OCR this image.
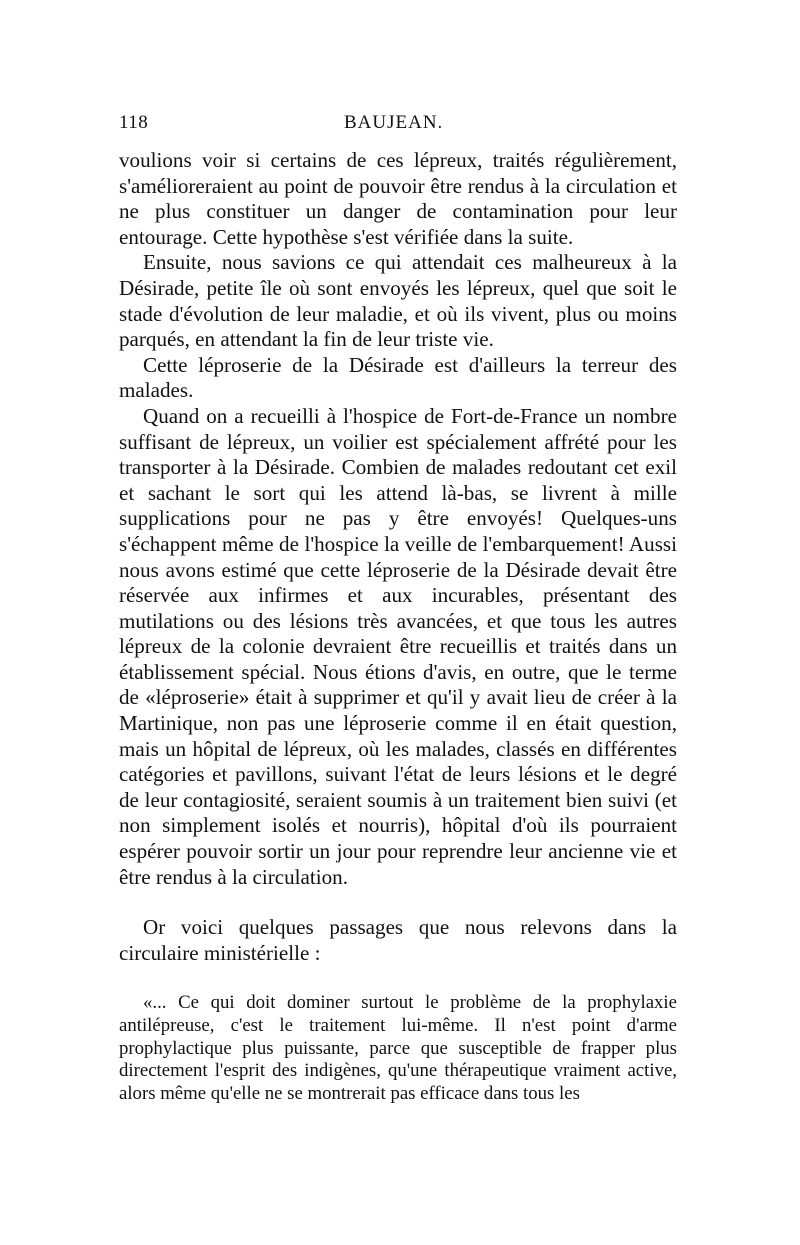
118	BAUJEAN.

voulions voir si certains de ces lépreux, traités régulièrement, s'amélioreraient au point de pouvoir être rendus à la circulation et ne plus constituer un danger de contamination pour leur entourage. Cette hypothèse s'est vérifiée dans la suite.

Ensuite, nous savions ce qui attendait ces malheureux à la Désirade, petite île où sont envoyés les lépreux, quel que soit le stade d'évolution de leur maladie, et où ils vivent, plus ou moins parqués, en attendant la fin de leur triste vie.

Cette léproserie de la Désirade est d'ailleurs la terreur des malades.

Quand on a recueilli à l'hospice de Fort-de-France un nombre suffisant de lépreux, un voilier est spécialement affrété pour les transporter à la Désirade. Combien de malades redoutant cet exil et sachant le sort qui les attend là-bas, se livrent à mille supplications pour ne pas y être envoyés! Quelques-uns s'échappent même de l'hospice la veille de l'embarquement! Aussi nous avons estimé que cette léproserie de la Désirade devait être réservée aux infirmes et aux incurables, présentant des mutilations ou des lésions très avancées, et que tous les autres lépreux de la colonie devraient être recueillis et traités dans un établissement spécial. Nous étions d'avis, en outre, que le terme de «léproserie» était à supprimer et qu'il y avait lieu de créer à la Martinique, non pas une léproserie comme il en était question, mais un hôpital de lépreux, où les malades, classés en différentes catégories et pavillons, suivant l'état de leurs lésions et le degré de leur contagiosité, seraient soumis à un traitement bien suivi (et non simplement isolés et nourris), hôpital d'où ils pourraient espérer pouvoir sortir un jour pour reprendre leur ancienne vie et être rendus à la circulation.

Or voici quelques passages que nous relevons dans la circulaire ministérielle :

«... Ce qui doit dominer surtout le problème de la prophylaxie antilépreuse, c'est le traitement lui-même. Il n'est point d'arme prophylactique plus puissante, parce que susceptible de frapper plus directement l'esprit des indigènes, qu'une thérapeutique vraiment active, alors même qu'elle ne se montrerait pas efficace dans tous les
